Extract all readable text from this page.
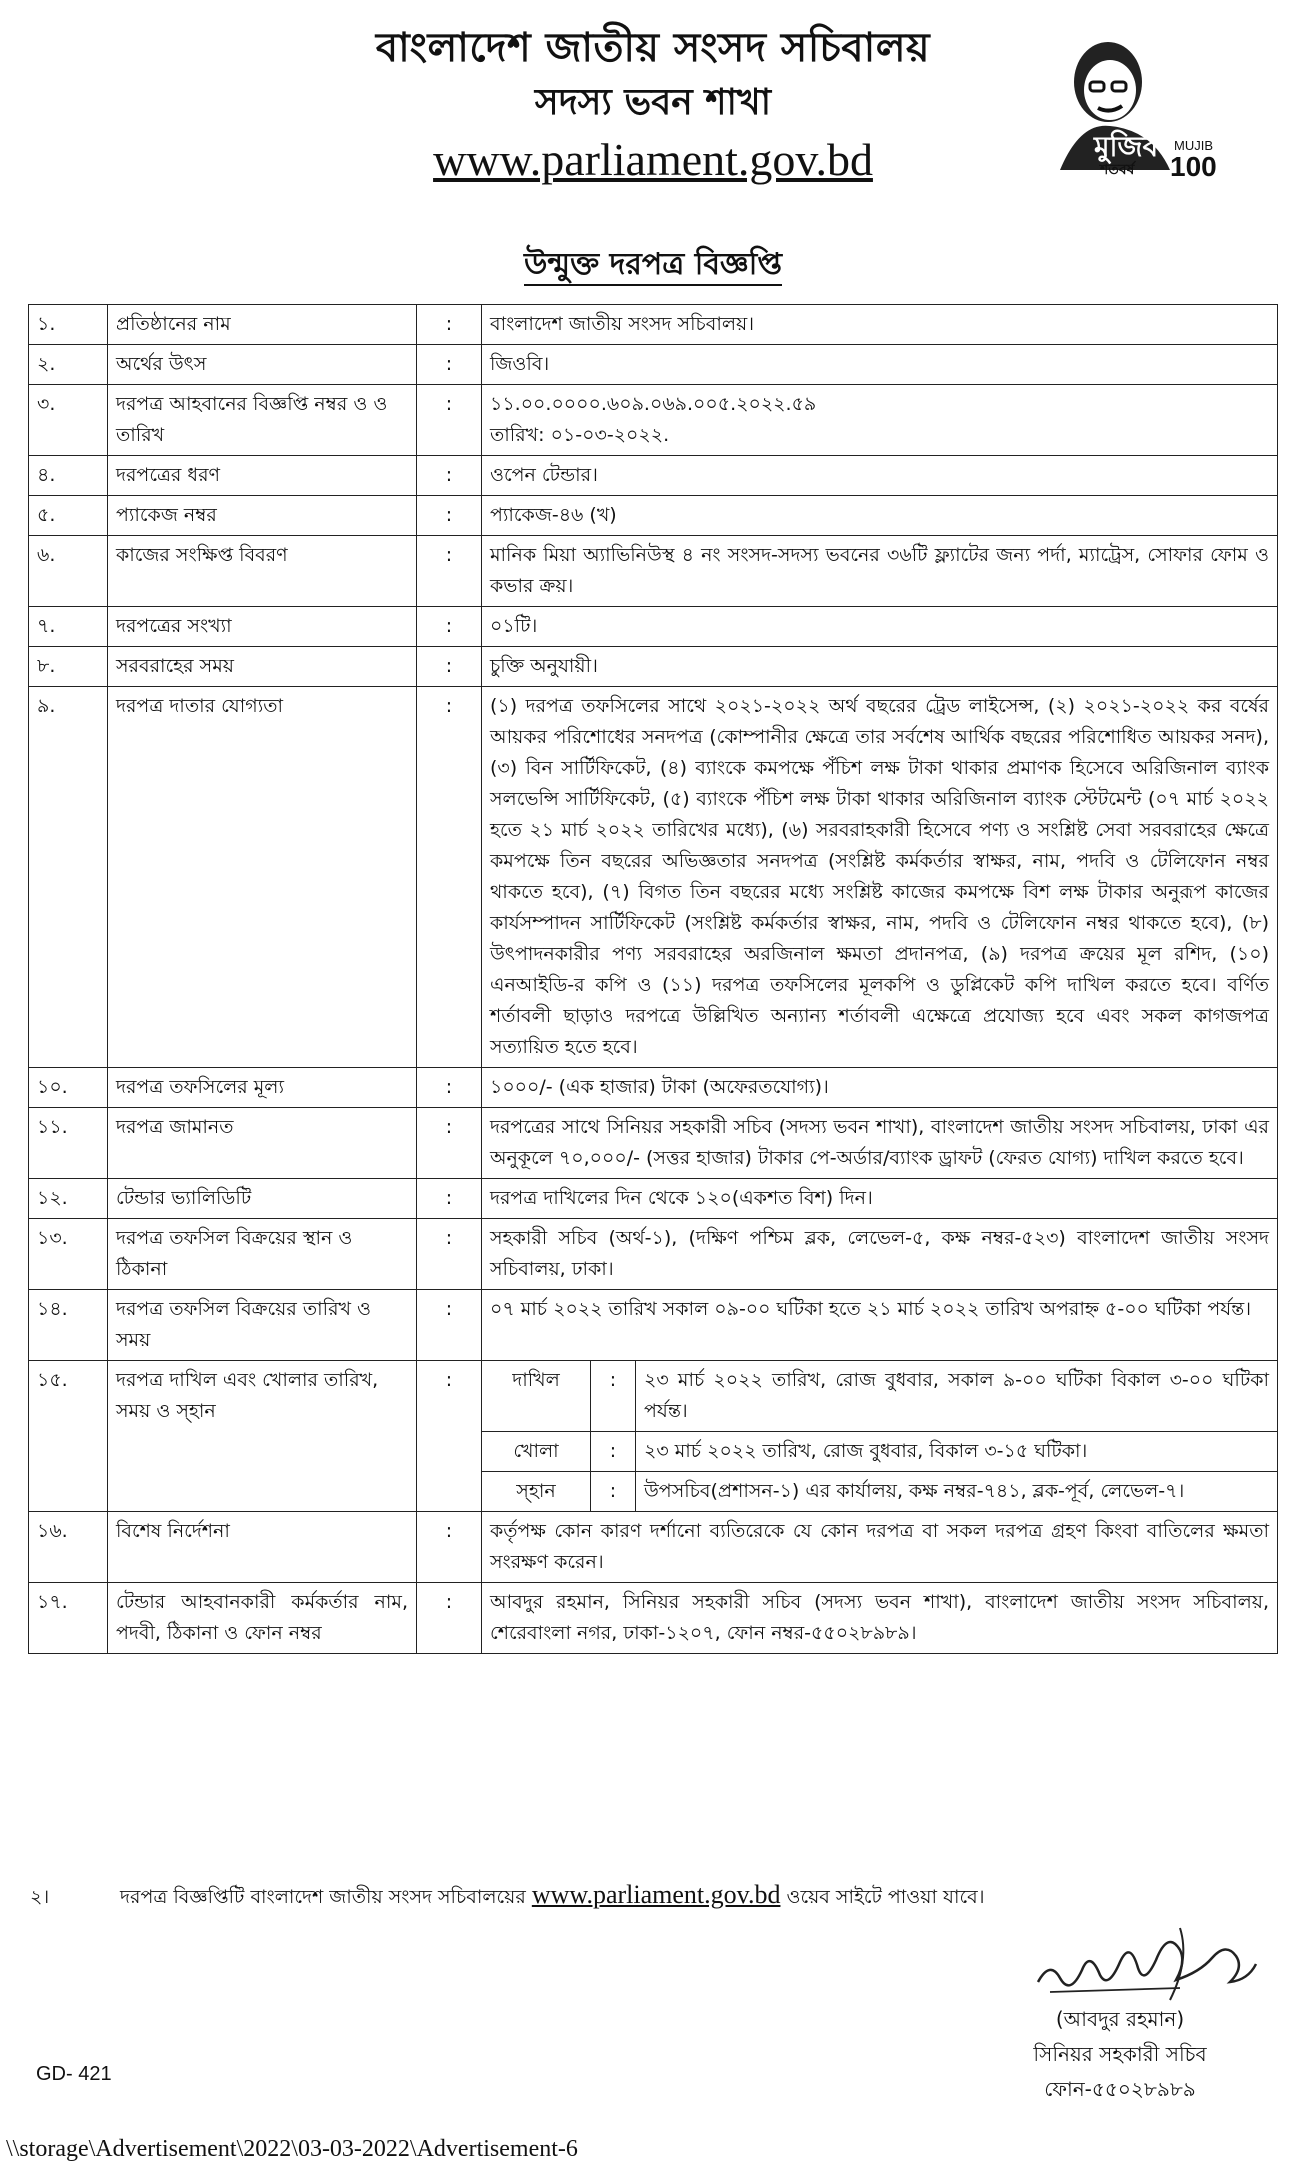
বাংলাদেশ জাতীয় সংসদ সচিবালয়
সদস্য ভবন শাখা
www.parliament.gov.bd	মুজিব
শতবর্ষ
MUJIB
100
উন্মুক্ত দরপত্র বিজ্ঞপ্তি
১.	প্রতিষ্ঠানের নাম	:	বাংলাদেশ জাতীয় সংসদ সচিবালয়।
২.	অর্থের উৎস	:	জিওবি।
৩.	দরপত্র আহবানের বিজ্ঞপ্তি নম্বর ও ও তারিখ	:	১১.০০.০০০০.৬০৯.০৬৯.০০৫.২০২২.৫৯
তারিখ: ০১-০৩-২০২২.

৪.	দরপত্রের ধরণ	:	ওপেন টেন্ডার।
৫.	প্যাকেজ নম্বর	:	প্যাকেজ-৪৬ (খ)
৬.	কাজের সংক্ষিপ্ত বিবরণ	:	মানিক মিয়া অ্যাভিনিউস্থ ৪ নং সংসদ-সদস্য ভবনের ৩৬টি ফ্ল্যাটের জন্য পর্দা, ম্যাট্রেস, সোফার ফোম ও কভার ক্রয়।
৭.	দরপত্রের সংখ্যা	:	০১টি।
৮.	সরবরাহের সময়	:	চুক্তি অনুযায়ী।
৯.	দরপত্র দাতার যোগ্যতা	:	(১) দরপত্র তফসিলের সাথে ২০২১-২০২২ অর্থ বছরের ট্রেড লাইসেন্স, (২) ২০২১-২০২২ কর বর্ষের আয়কর পরিশোধের সনদপত্র (কোম্পানীর ক্ষেত্রে তার সর্বশেষ আর্থিক বছরের পরিশোধিত আয়কর সনদ), (৩) বিন সার্টিফিকেট, (৪) ব্যাংকে কমপক্ষে পঁচিশ লক্ষ টাকা থাকার প্রমাণক হিসেবে অরিজিনাল ব্যাংক সলভেন্সি সার্টিফিকেট, (৫) ব্যাংকে পঁচিশ লক্ষ টাকা থাকার অরিজিনাল ব্যাংক স্টেটমেন্ট (০৭ মার্চ ২০২২ হতে ২১ মার্চ ২০২২ তারিখের মধ্যে), (৬) সরবরাহকারী হিসেবে পণ্য ও সংশ্লিষ্ট সেবা সরবরাহের ক্ষেত্রে কমপক্ষে তিন বছরের অভিজ্ঞতার সনদপত্র (সংশ্লিষ্ট কর্মকর্তার স্বাক্ষর, নাম, পদবি ও টেলিফোন নম্বর থাকতে হবে), (৭) বিগত তিন বছরের মধ্যে সংশ্লিষ্ট কাজের কমপক্ষে বিশ লক্ষ টাকার অনুরূপ কাজের কার্যসম্পাদন সার্টিফিকেট (সংশ্লিষ্ট কর্মকর্তার স্বাক্ষর, নাম, পদবি ও টেলিফোন নম্বর থাকতে হবে), (৮) উৎপাদনকারীর পণ্য সরবরাহের অরজিনাল ক্ষমতা প্রদানপত্র, (৯) দরপত্র ক্রয়ের মূল রশিদ, (১০) এনআইডি-র কপি ও (১১) দরপত্র তফসিলের মূলকপি ও ডুপ্লিকেট কপি দাখিল করতে হবে। বর্ণিত শর্তাবলী ছাড়াও দরপত্রে উল্লিখিত অন্যান্য শর্তাবলী এক্ষেত্রে প্রযোজ্য হবে এবং সকল কাগজপত্র সত্যায়িত হতে হবে।
১০.	দরপত্র তফসিলের মূল্য	:	১০০০/- (এক হাজার) টাকা (অফেরতযোগ্য)।
১১.	দরপত্র জামানত	:	দরপত্রের সাথে সিনিয়র সহকারী সচিব (সদস্য ভবন শাখা), বাংলাদেশ জাতীয় সংসদ সচিবালয়, ঢাকা এর অনুকূলে ৭০,০০০/- (সত্তর হাজার) টাকার পে-অর্ডার/ব্যাংক ড্রাফট (ফেরত যোগ্য) দাখিল করতে হবে।
১২.	টেন্ডার ভ্যালিডিটি	:	দরপত্র দাখিলের দিন থেকে ১২০(একশত বিশ) দিন।
১৩.	দরপত্র তফসিল বিক্রয়ের স্থান ও ঠিকানা	:	সহকারী সচিব (অর্থ-১), (দক্ষিণ পশ্চিম ব্লক, লেভেল-৫, কক্ষ নম্বর-৫২৩) বাংলাদেশ জাতীয় সংসদ সচিবালয়, ঢাকা।
১৪.	দরপত্র তফসিল বিক্রয়ের তারিখ ও সময়	:	০৭ মার্চ ২০২২ তারিখ সকাল ০৯-০০ ঘটিকা হতে ২১ মার্চ ২০২২ তারিখ অপরাহ্ন ৫-০০ ঘটিকা পর্যন্ত।
১৫.	দরপত্র দাখিল এবং খোলার তারিখ, সময় ও স্হান	:		দাখিল	:	২৩ মার্চ ২০২২ তারিখ, রোজ বুধবার, সকাল ৯-০০ ঘটিকা বিকাল ৩-০০ ঘটিকা পর্যন্ত।
খোলা	:	২৩ মার্চ ২০২২ তারিখ, রোজ বুধবার, বিকাল ৩-১৫ ঘটিকা।
স্হান	:	উপসচিব(প্রশাসন-১) এর কার্যালয়, কক্ষ নম্বর-৭৪১, ব্লক-পূর্ব, লেভেল-৭।

১৬.	বিশেষ নির্দেশনা	:	কর্তৃপক্ষ কোন কারণ দর্শানো ব্যতিরেকে যে কোন দরপত্র বা সকল দরপত্র গ্রহণ কিংবা বাতিলের ক্ষমতা সংরক্ষণ করেন।
১৭.	টেন্ডার আহবানকারী কর্মকর্তার নাম, পদবী, ঠিকানা ও ফোন নম্বর	:	আবদুর রহমান, সিনিয়র সহকারী সচিব (সদস্য ভবন শাখা), বাংলাদেশ জাতীয় সংসদ সচিবালয়, শেরেবাংলা নগর, ঢাকা-১২০৭, ফোন নম্বর-৫৫০২৮৯৮৯।
২।	দরপত্র বিজ্ঞপ্তিটি বাংলাদেশ জাতীয় সংসদ সচিবালয়ের www.parliament.gov.bd ওয়েব সাইটে পাওয়া যাবে।
(আবদুর রহমান)
সিনিয়র সহকারী সচিব
ফোন-৫৫০২৮৯৮৯
GD- 421
\\storage\Advertisement\2022\03-03-2022\Advertisement-6
